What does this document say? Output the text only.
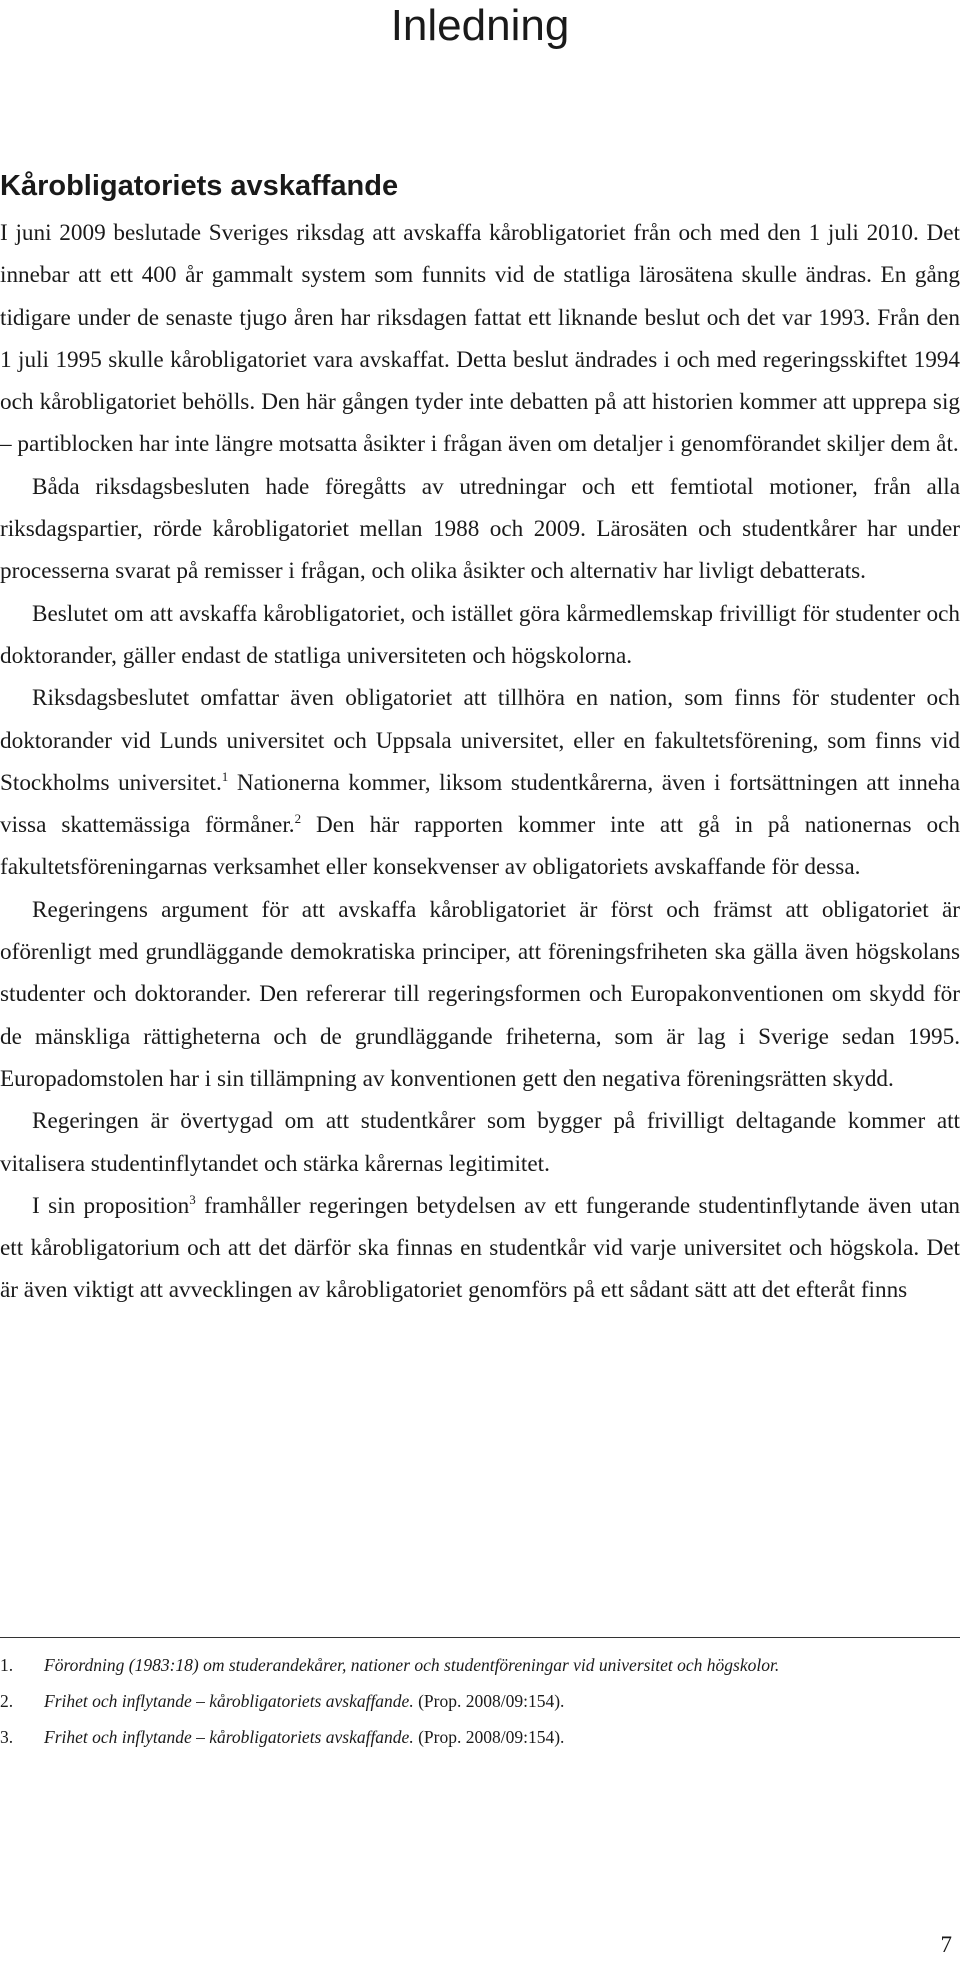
Inledning
Kårobligatoriets avskaffande

I juni 2009 beslutade Sveriges riksdag att avskaffa kårobligatoriet från och med den 1 juli 2010. Det innebar att ett 400 år gammalt system som funnits vid de statliga lärosätena skulle ändras. En gång tidigare under de senaste tjugo åren har riksdagen fattat ett liknande beslut och det var 1993. Från den 1 juli 1995 skulle kårobligatoriet vara avskaffat. Detta beslut ändrades i och med regeringsskiftet 1994 och kårobligatoriet behölls. Den här gången tyder inte debatten på att historien kommer att upprepa sig – partiblocken har inte längre motsatta åsikter i frågan även om detaljer i genomförandet skiljer dem åt.

Båda riksdagsbesluten hade föregåtts av utredningar och ett femtiotal motioner, från alla riksdagspartier, rörde kårobligatoriet mellan 1988 och 2009. Lärosäten och studentkårer har under processerna svarat på remisser i frågan, och olika åsikter och alternativ har livligt debatterats.

Beslutet om att avskaffa kårobligatoriet, och istället göra kårmedlemskap frivilligt för studenter och doktorander, gäller endast de statliga universiteten och högskolorna.

Riksdagsbeslutet omfattar även obligatoriet att tillhöra en nation, som finns för studenter och doktorander vid Lunds universitet och Uppsala universitet, eller en fakultetsförening, som finns vid Stockholms universitet.$^1$ Nationerna kommer, liksom studentkårerna, även i fortsättningen att inneha vissa skattemässiga förmåner.$^2$ Den här rapporten kommer inte att gå in på nationernas och fakultetsföreningarnas verksamhet eller konsekvenser av obligatoriets avskaffande för dessa.

Regeringens argument för att avskaffa kårobligatoriet är först och främst att obligatoriet är oförenligt med grundläggande demokratiska principer, att föreningsfriheten ska gälla även högskolans studenter och doktorander. Den refererar till regeringsformen och Europakonventionen om skydd för de mänskliga rättigheterna och de grundläggande friheterna, som är lag i Sverige sedan 1995. Europadomstolen har i sin tillämpning av konventionen gett den negativa föreningsrätten skydd.

Regeringen är övertygad om att studentkårer som bygger på frivilligt deltagande kommer att vitalisera studentinflytandet och stärka kårernas legitimitet.

I sin proposition$^3$ framhåller regeringen betydelsen av ett fungerande studentinflytande även utan ett kårobligatorium och att det därför ska finnas en studentkår vid varje universitet och högskola. Det är även viktigt att avvecklingen av kårobligatoriet genomförs på ett sådant sätt att det efteråt finns

1.	Förordning (1983:18) om studerandekårer, nationer och studentföreningar vid universitet och högskolor.
2.	Frihet och inflytande – kårobligatoriets avskaffande. (Prop. 2008/09:154).
3.	Frihet och inflytande – kårobligatoriets avskaffande. (Prop. 2008/09:154).
7
